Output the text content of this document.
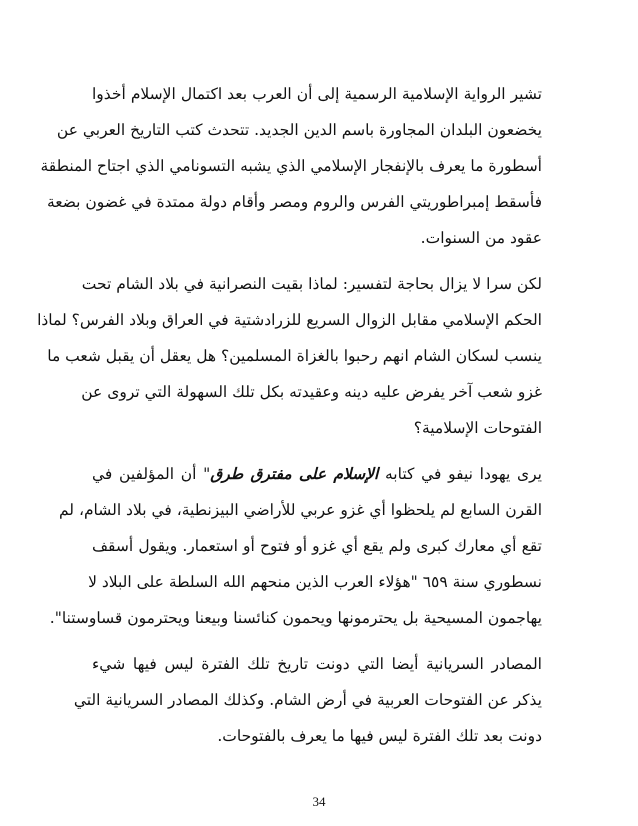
تشير الرواية الإسلامية الرسمية إلى أن العرب بعد اكتمال الإسلام أخذوا
يخضعون البلدان المجاورة باسم الدين الجديد. تتحدث كتب التاريخ العربي عن
أسطورة ما يعرف بالإنفجار الإسلامي الذي يشبه التسونامي الذي اجتاح المنطقة
فأسقط إمبراطوريتي الفرس والروم ومصر وأقام دولة ممتدة في غضون بضعة
عقود من السنوات.
لكن سرا لا يزال بحاجة لتفسير: لماذا بقيت النصرانية في بلاد الشام تحت
الحكم الإسلامي مقابل الزوال السريع للزرادشتية في العراق وبلاد الفرس؟ لماذا
ينسب لسكان الشام انهم رحبوا بالغزاة المسلمين؟ هل يعقل أن يقبل شعب ما
غزو شعب آخر يفرض عليه دينه وعقيدته بكل تلك السهولة التي تروى عن
الفتوحات الإسلامية؟
يرى يهودا نيفو في كتابه الإسلام على مفترق طرق" أن المؤلفين في
القرن السابع لم يلحظوا أي غزو عربي للأراضي البيزنطية، في بلاد الشام، لم
تقع أي معارك كبرى ولم يقع أي غزو أو فتوح أو استعمار. ويقول أسقف
نسطوري سنة ٦٥٩ "هؤلاء العرب الذين منحهم الله السلطة على البلاد لا
يهاجمون المسيحية بل يحترمونها ويحمون كنائسنا وبيعنا ويحترمون قساوستنا".
المصادر السريانية أيضا التي دونت تاريخ تلك الفترة ليس فيها شيء
يذكر عن الفتوحات العربية في أرض الشام. وكذلك المصادر السريانية التي
دونت بعد تلك الفترة ليس فيها ما يعرف بالفتوحات.
34
